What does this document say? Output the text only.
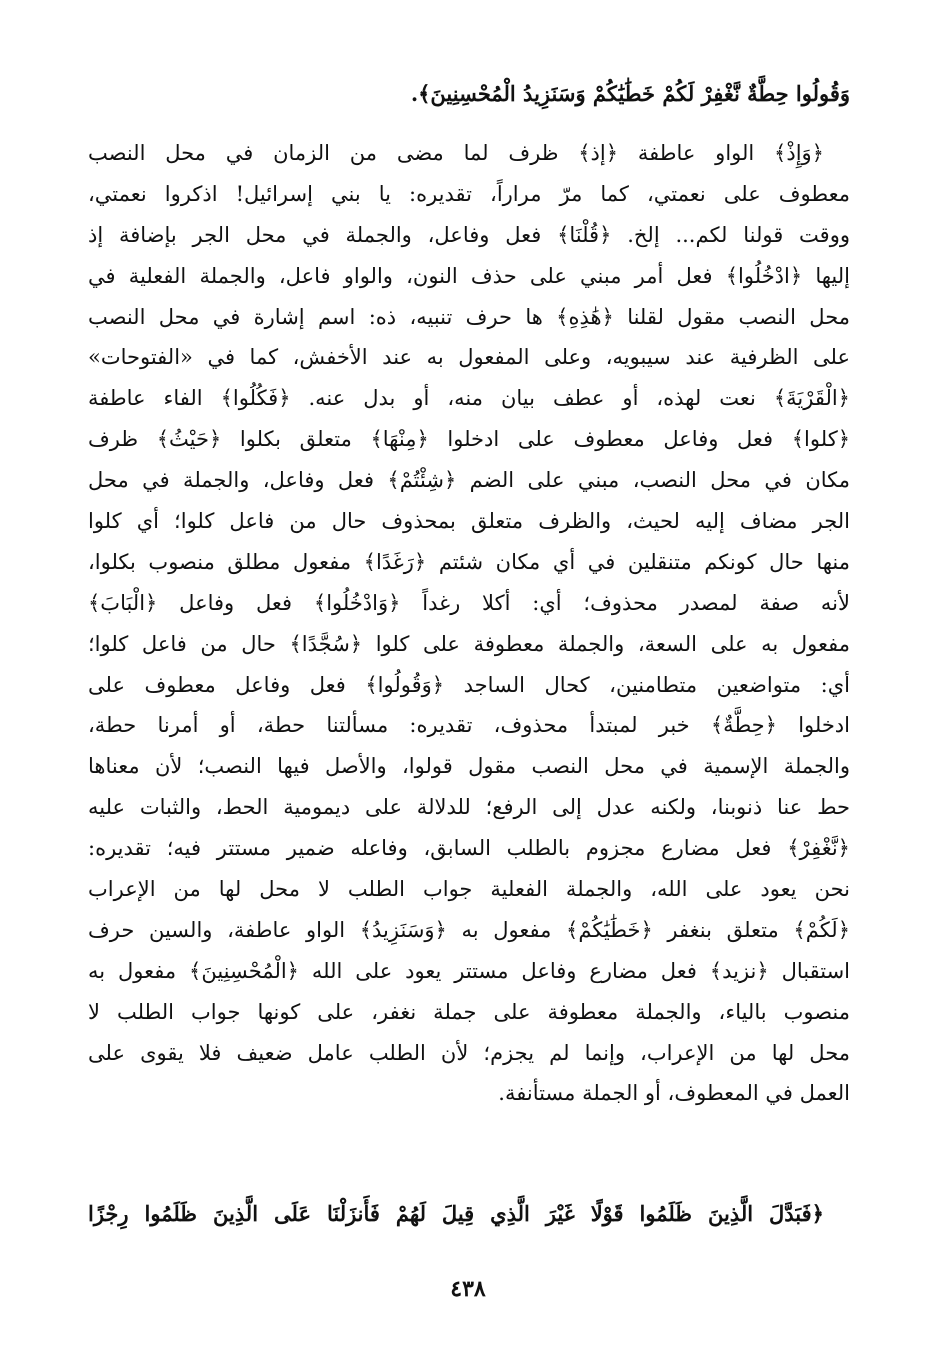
وَقُولُوا حِطَّةٌ نَّغْفِرْ لَكُمْ خَطَٰيَٰكُمْ وَسَنَزِيدُ الْمُحْسِنِينَ﴾.
﴿وَإِذْ﴾ الواو عاطفة ﴿إذ﴾ ظرف لما مضى من الزمان في محل النصب
معطوف على نعمتي، كما مرّ مراراً، تقديره: يا بني إسرائيل! اذكروا نعمتي،
ووقت قولنا لكم... إلخ. ﴿قُلْنَا﴾ فعل وفاعل، والجملة في محل الجر بإضافة إذ
إليها ﴿ادْخُلُوا﴾ فعل أمر مبني على حذف النون، والواو فاعل، والجملة الفعلية في
محل النصب مقول لقلنا ﴿هَٰذِهِ﴾ ها حرف تنبيه، ذه: اسم إشارة في محل النصب
على الظرفية عند سيبويه، وعلى المفعول به عند الأخفش، كما في «الفتوحات»
﴿الْقَرْيَةَ﴾ نعت لهذه، أو عطف بيان منه، أو بدل عنه. ﴿فَكُلُوا﴾ الفاء عاطفة
﴿كلوا﴾ فعل وفاعل معطوف على ادخلوا ﴿مِنْهَا﴾ متعلق بكلوا ﴿حَيْثُ﴾ ظرف
مكان في محل النصب، مبني على الضم ﴿شِئْتُمْ﴾ فعل وفاعل، والجملة في محل
الجر مضاف إليه لحيث، والظرف متعلق بمحذوف حال من فاعل كلوا؛ أي كلوا
منها حال كونكم متنقلين في أي مكان شئتم ﴿رَغَدًا﴾ مفعول مطلق منصوب بكلوا،
لأنه صفة لمصدر محذوف؛ أي: أكلا رغداً ﴿وَادْخُلُوا﴾ فعل وفاعل ﴿الْبَابَ﴾
مفعول به على السعة، والجملة معطوفة على كلوا ﴿سُجَّدًا﴾ حال من فاعل كلوا؛
أي: متواضعين متطامنين، كحال الساجد ﴿وَقُولُوا﴾ فعل وفاعل معطوف على
ادخلوا ﴿حِطَّةٌ﴾ خبر لمبتدأ محذوف، تقديره: مسألتنا حطة، أو أمرنا حطة،
والجملة الإسمية في محل النصب مقول قولوا، والأصل فيها النصب؛ لأن معناها
حط عنا ذنوبنا، ولكنه عدل إلى الرفع؛ للدلالة على ديمومية الحط، والثبات عليه
﴿نَّغْفِرْ﴾ فعل مضارع مجزوم بالطلب السابق، وفاعله ضمير مستتر فيه؛ تقديره:
نحن يعود على الله، والجملة الفعلية جواب الطلب لا محل لها من الإعراب
﴿لَكُمْ﴾ متعلق بنغفر ﴿خَطَٰيَٰكُمْ﴾ مفعول به ﴿وَسَنَزِيدُ﴾ الواو عاطفة، والسين حرف
استقبال ﴿نزيد﴾ فعل مضارع وفاعل مستتر يعود على الله ﴿الْمُحْسِنِينَ﴾ مفعول به
منصوب بالياء، والجملة معطوفة على جملة نغفر، على كونها جواب الطلب لا
محل لها من الإعراب، وإنما لم يجزم؛ لأن الطلب عامل ضعيف فلا يقوى على
العمل في المعطوف، أو الجملة مستأنفة.
﴿فَبَدَّلَ الَّذِينَ ظَلَمُوا قَوْلًا غَيْرَ الَّذِي قِيلَ لَهُمْ فَأَنزَلْنَا عَلَى الَّذِينَ ظَلَمُوا رِجْزًا
٤٣٨
